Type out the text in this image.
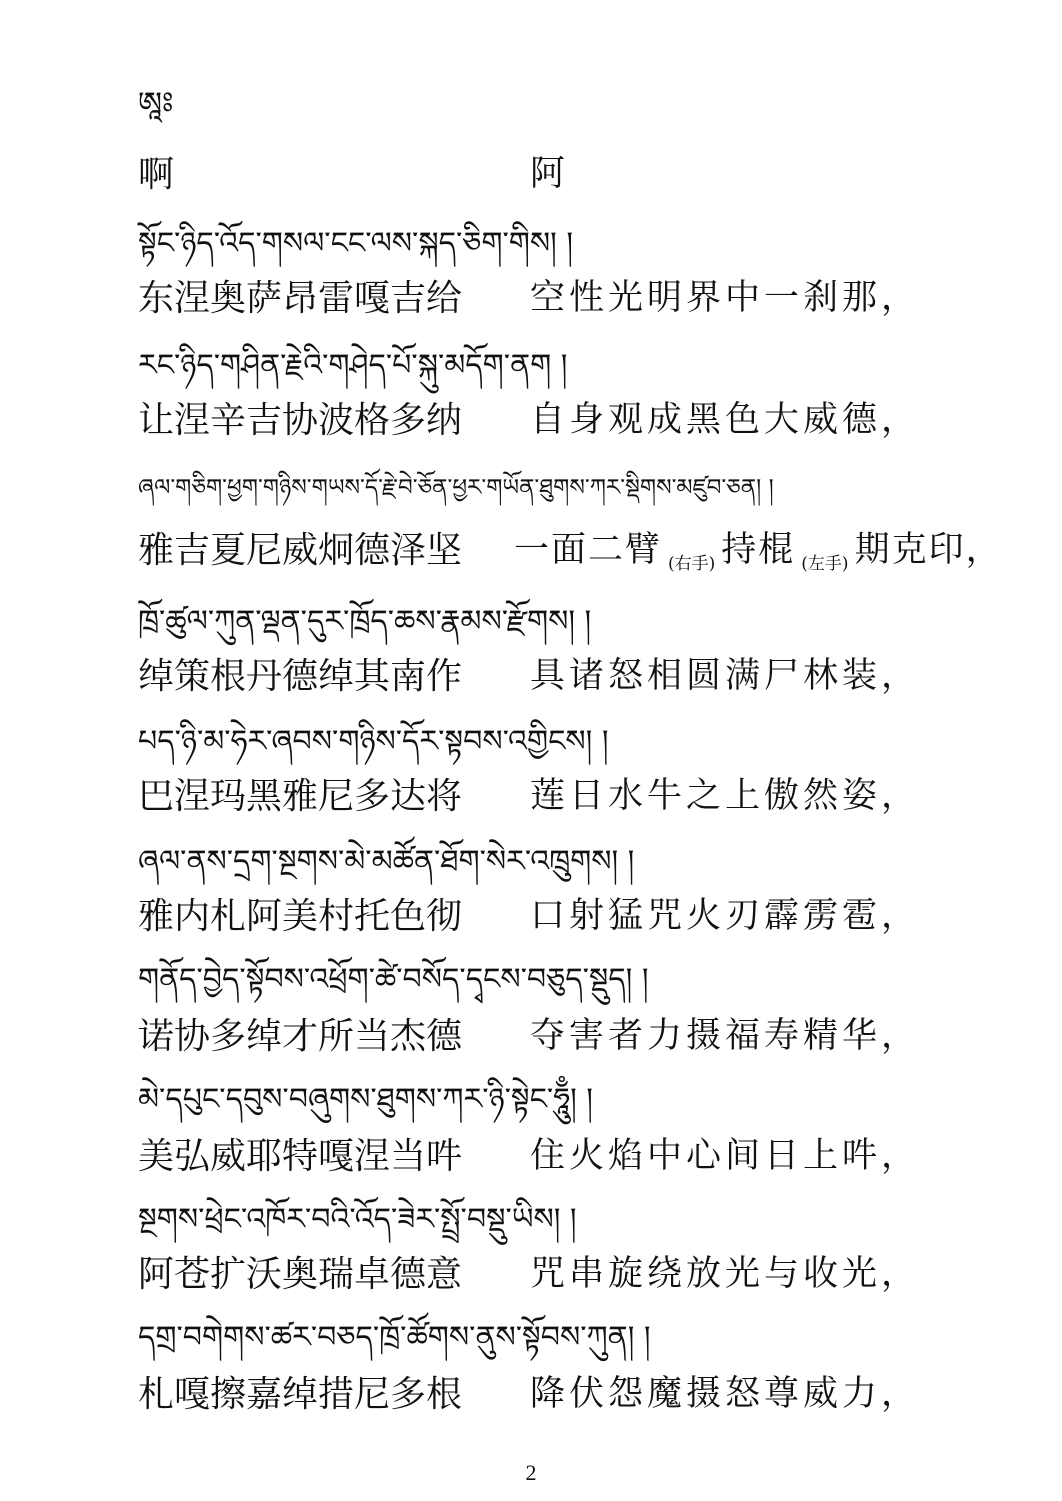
ཨཱཿ
啊	阿
སྟོང་ཉིད་འོད་གསལ་ངང་ལས་སྐད་ཅིག་གིས། །
东涅奥萨昂雷嘎吉给 空性光明界中一刹那，
རང་ཉིད་གཤིན་རྗེའི་གཤེད་པོ་སྐུ་མདོག་ནག །
让涅辛吉协波格多纳 自身观成黑色大威德，
ཞལ་གཅིག་ཕྱག་གཉིས་གཡས་དོ་རྗེ་བེ་ཅོན་ཕྱར་གཡོན་ཐུགས་ཀར་སྡིགས་མཛུབ་ཅན། །
雅吉夏尼威炯德泽坚 一面二臂 $_{(右手)}$ 持棍 $_{(左手)}$ 期克印，
ཁྲོ་ཚུལ་ཀུན་ལྡན་དུར་ཁྲོད་ཆས་རྣམས་རྫོགས། །
绰策根丹德绰其南作 具诸怒相圆满尸林装，
པད་ཉི་མ་ཧེར་ཞབས་གཉིས་དོར་སྟབས་འགྱིངས། །
巴涅玛黑雅尼多达将 莲日水牛之上傲然姿，
ཞལ་ནས་དྲག་སྔགས་མེ་མཚོན་ཐོག་སེར་འཁྲུགས། །
雅内札阿美村托色彻 口射猛咒火刃霹雳雹，
གནོད་བྱེད་སྟོབས་འཕྲོག་ཚེ་བསོད་དྭངས་བཅུད་སྡུད། །
诺协多绰才所当杰德 夺害者力摄福寿精华，
མེ་དཔུང་དབུས་བཞུགས་ཐུགས་ཀར་ཉི་སྟེང་ཧཱུྃ། །
美弘威耶特嘎涅当吽 住火焰中心间日上吽，
སྔགས་ཕྲེང་འཁོར་བའི་འོད་ཟེར་སྤྲོ་བསྡུ་ཡིས། །
阿苍扩沃奥瑞卓德意 咒串旋绕放光与收光，
དགྲ་བགེགས་ཚར་བཅད་ཁྲོ་ཚོགས་ནུས་སྟོབས་ཀུན། །
札嘎擦嘉绰措尼多根 降伏怨魔摄怒尊威力，
2
